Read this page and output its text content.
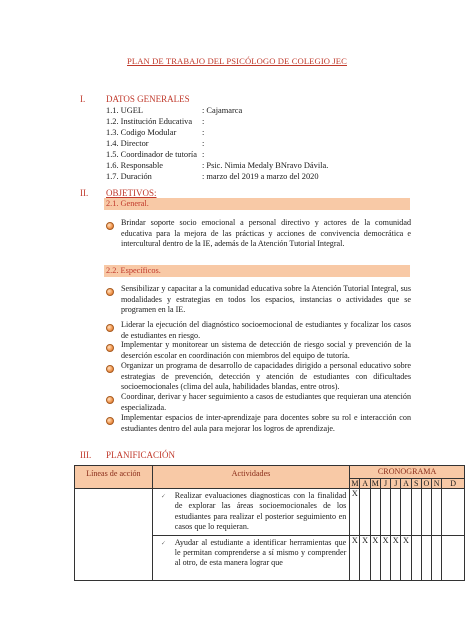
PLAN DE TRABAJO DEL PSICÓLOGO DE COLEGIO JEC
I. DATOS GENERALES
1.1. UGEL	: Cajamarca
1.2. Institución Educativa :
1.3. Codigo Modular	:
1.4. Director	:
1.5. Coordinador de tutoría :
1.6. Responsable	: Psic. Nimia Medaly BNravo Dávila.
1.7. Duración	: marzo del 2019 a marzo del 2020
II. OBJETIVOS:
2.1. General.
Brindar soporte socio emocional a personal directivo y actores de la comunidad educativa para la mejora de las prácticas y acciones de convivencia democrática e intercultural dentro de la IE, además de la Atención Tutorial Integral.
2.2. Específicos.
Sensibilizar y capacitar a la comunidad educativa sobre la Atención Tutorial Integral, sus modalidades y estrategias en todos los espacios, instancias o actividades que se programen en la IE.
Liderar la ejecución del diagnóstico socioemocional de estudiantes y focalizar los casos de estudiantes en riesgo.
Implementar y monitorear un sistema de detección de riesgo social y prevención de la deserción escolar en coordinación con miembros del equipo de tutoría.
Organizar un programa de desarrollo de capacidades dirigido a personal educativo sobre estrategias de prevención, detección y atención de estudiantes con dificultades socioemocionales (clima del aula, habilidades blandas, entre otros).
Coordinar, derivar y hacer seguimiento a casos de estudiantes que requieran una atención especializada.
Implementar espacios de inter-aprendizaje para docentes sobre su rol e interacción con estudiantes dentro del aula para mejorar los logros de aprendizaje.
III. PLANIFICACIÓN
Líneas de acción	Actividades	CRONOGRAMA									
		M	A	M	J	J	A	S	O	N	D

	🗸 Realizar evaluaciones diagnosticas con la finalidad de explorar las áreas socioemocionales de los estudiantes para realizar el posterior seguimiento en casos que lo requieran.	X									

	🗸 Ayudar al estudiante a identificar herramientas que le permitan comprenderse a sí mismo y comprender al otro, de esta manera lograr que	X	X	X	X	X	X				
